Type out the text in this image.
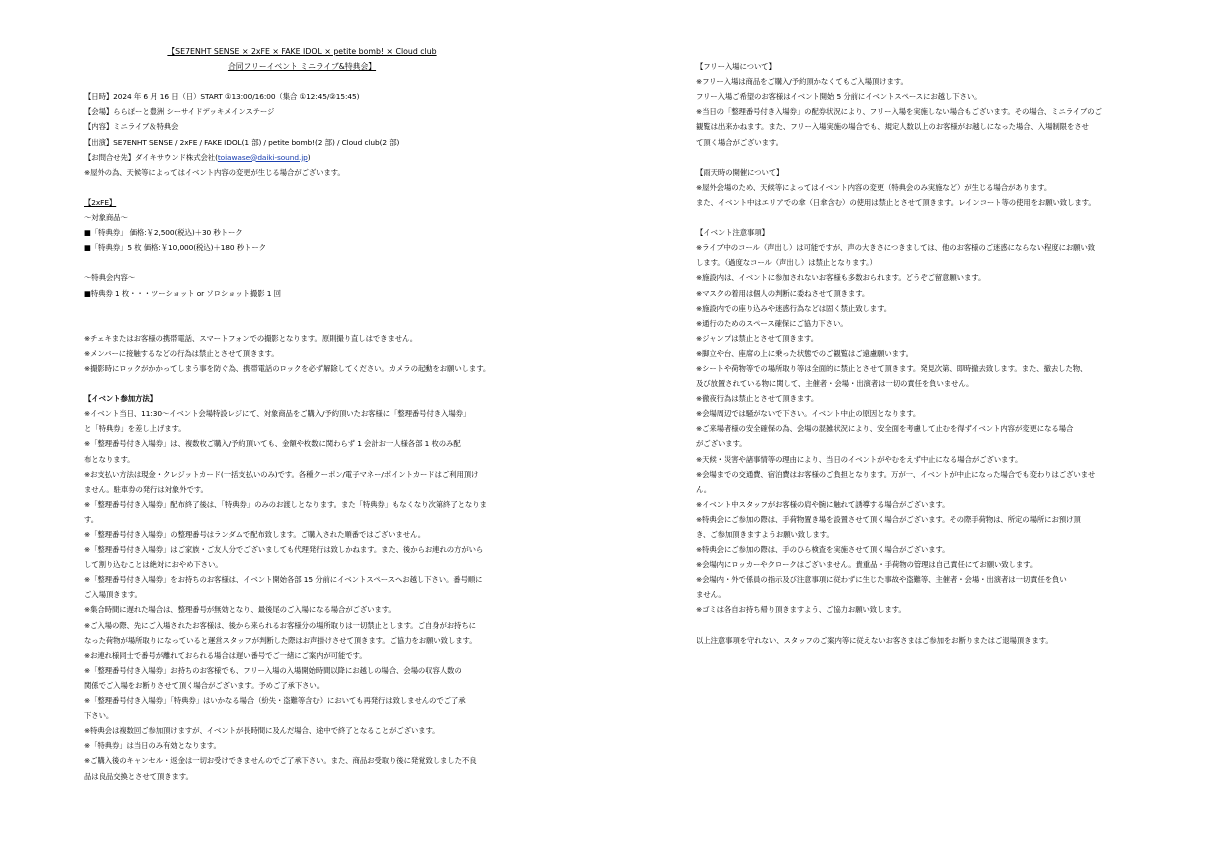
【SE7ENHT SENSE × 2xFE × FAKE IDOL × petite bomb! × Cloud club
合同フリーイベント ミニライブ&特典会】
【日時】2024 年 6 月 16 日（日）START ①13:00/16:00（集合 ①12:45/②15:45)
【会場】ららぽーと豊洲 シーサイドデッキメインステージ
【内容】ミニライブ＆特典会
【出演】SE7ENHT SENSE / 2xFE / FAKE IDOL(1 部) / petite bomb!(2 部) / Cloud club(2 部)
【お問合せ先】ダイキサウンド株式会社(toiawase@daiki-sound.jp)
※屋外の為、天候等によってはイベント内容の変更が生じる場合がございます。
【2xFE】
～対象商品～
■「特典券」 価格:￥2,500(税込)＋30 秒トーク
■「特典券」5 枚 価格:￥10,000(税込)＋180 秒トーク
～特典会内容～
■特典券 1 枚・・・ツーショット or ソロショット撮影 1 回
※チェキまたはお客様の携帯電話、スマートフォンでの撮影となります。原則撮り直しはできません。
※メンバーに接触するなどの行為は禁止とさせて頂きます。
※撮影時にロックがかかってしまう事を防ぐ為、携帯電話のロックを必ず解除してください。カメラの起動をお願いします。
【イベント参加方法】
※イベント当日、11:30～イベント会場特設レジにて、対象商品をご購入/予約頂いたお客様に「整理番号付き入場券」
と「特典券」を差し上げます。
※「整理番号付き入場券」は、複数枚ご購入/予約頂いても、金額や枚数に関わらず 1 会計お一人様各部 1 枚のみ配
布となります。
※お支払い方法は現金・クレジットカード(一括支払いのみ)です。各種クーポン/電子マネー/ポイントカードはご利用頂け
ません。駐車券の発行は対象外です。
※「整理番号付き入場券」配布終了後は、「特典券」のみのお渡しとなります。また「特典券」もなくなり次第終了となりま
す。
※「整理番号付き入場券」の整理番号はランダムで配布致します。ご購入された順番ではございません。
※「整理番号付き入場券」はご家族・ご友人分でございましても代理発行は致しかねます。また、後からお連れの方がいら
して割り込むことは絶対におやめ下さい。
※「整理番号付き入場券」をお持ちのお客様は、イベント開始各部 15 分前にイベントスペースへお越し下さい。番号順に
ご入場頂きます。
※集合時間に遅れた場合は、整理番号が無効となり、最後尾のご入場になる場合がございます。
※ご入場の際、先にご入場されたお客様は、後から来られるお客様分の場所取りは一切禁止とします。ご自身がお持ちに
なった荷物が場所取りになっていると運営スタッフが判断した際はお声掛けさせて頂きます。ご協力をお願い致します。
※お連れ様同士で番号が離れておられる場合は遅い番号でご一緒にご案内が可能です。
※「整理番号付き入場券」お持ちのお客様でも、フリー入場の入場開始時間以降にお越しの場合、会場の収容人数の
関係でご入場をお断りさせて頂く場合がございます。予めご了承下さい。
※「整理番号付き入場券」「特典券」はいかなる場合（紛失・盗難等含む）においても再発行は致しませんのでご了承
下さい。
※特典会は複数回ご参加頂けますが、イベントが長時間に及んだ場合、途中で終了となることがございます。
※「特典券」は当日のみ有効となります。
※ご購入後のキャンセル・返金は一切お受けできませんのでご了承下さい。また、商品お受取り後に発覚致しました不良
品は良品交換とさせて頂きます。
【フリー入場について】
※フリー入場は商品をご購入/予約頂かなくてもご入場頂けます。
フリー入場ご希望のお客様はイベント開始 5 分前にイベントスペースにお越し下さい。
※当日の「整理番号付き入場券」の配券状況により、フリー入場を実施しない場合もございます。その場合、ミニライブのご
観覧は出来かねます。また、フリー入場実施の場合でも、規定人数以上のお客様がお越しになった場合、入場制限をさせ
て頂く場合がございます。
【雨天時の開催について】
※屋外会場のため、天候等によってはイベント内容の変更（特典会のみ実施など）が生じる場合があります。
また、イベント中はエリアでの傘（日傘含む）の使用は禁止とさせて頂きます。レインコート等の使用をお願い致します。
【イベント注意事項】
※ライブ中のコール（声出し）は可能ですが、声の大きさにつきましては、他のお客様のご迷惑にならない程度にお願い致
します。（過度なコール（声出し）は禁止となります。）
※施設内は、イベントに参加されないお客様も多数おられます。どうぞご留意願います。
※マスクの着用は個人の判断に委ねさせて頂きます。
※施設内での座り込みや迷惑行為などは固く禁止致します。
※通行のためのスペース確保にご協力下さい。
※ジャンプは禁止とさせて頂きます。
※脚立や台、座席の上に乗った状態でのご観覧はご遠慮願います。
※シートや荷物等での場所取り等は全面的に禁止とさせて頂きます。発見次第、即時撤去致します。また、撤去した物、
及び放置されている物に関して、主催者・会場・出演者は一切の責任を負いません。
※徹夜行為は禁止とさせて頂きます。
※会場周辺では騒がないで下さい。イベント中止の原因となります。
※ご来場者様の安全確保の為、会場の混雑状況により、安全面を考慮して止むを得ずイベント内容が変更になる場合
がございます。
※天候・災害や諸事情等の理由により、当日のイベントがやむをえず中止になる場合がございます。
※会場までの交通費、宿泊費はお客様のご負担となります。万が一、イベントが中止になった場合でも変わりはございませ
ん。
※イベント中スタッフがお客様の肩や腕に触れて誘導する場合がございます。
※特典会にご参加の際は、手荷物置き場を設置させて頂く場合がございます。その際手荷物は、所定の場所にお預け頂
き、ご参加頂きますようお願い致します。
※特典会にご参加の際は、手のひら検査を実施させて頂く場合がございます。
※会場内にロッカーやクロークはございません。貴重品・手荷物の管理は自己責任にてお願い致します。
※会場内・外で係員の指示及び注意事項に従わずに生じた事故や盗難等、主催者・会場・出演者は一切責任を負い
ません。
※ゴミは各自お持ち帰り頂きますよう、ご協力お願い致します。
以上注意事項を守れない、スタッフのご案内等に従えないお客さまはご参加をお断りまたはご退場頂きます。
